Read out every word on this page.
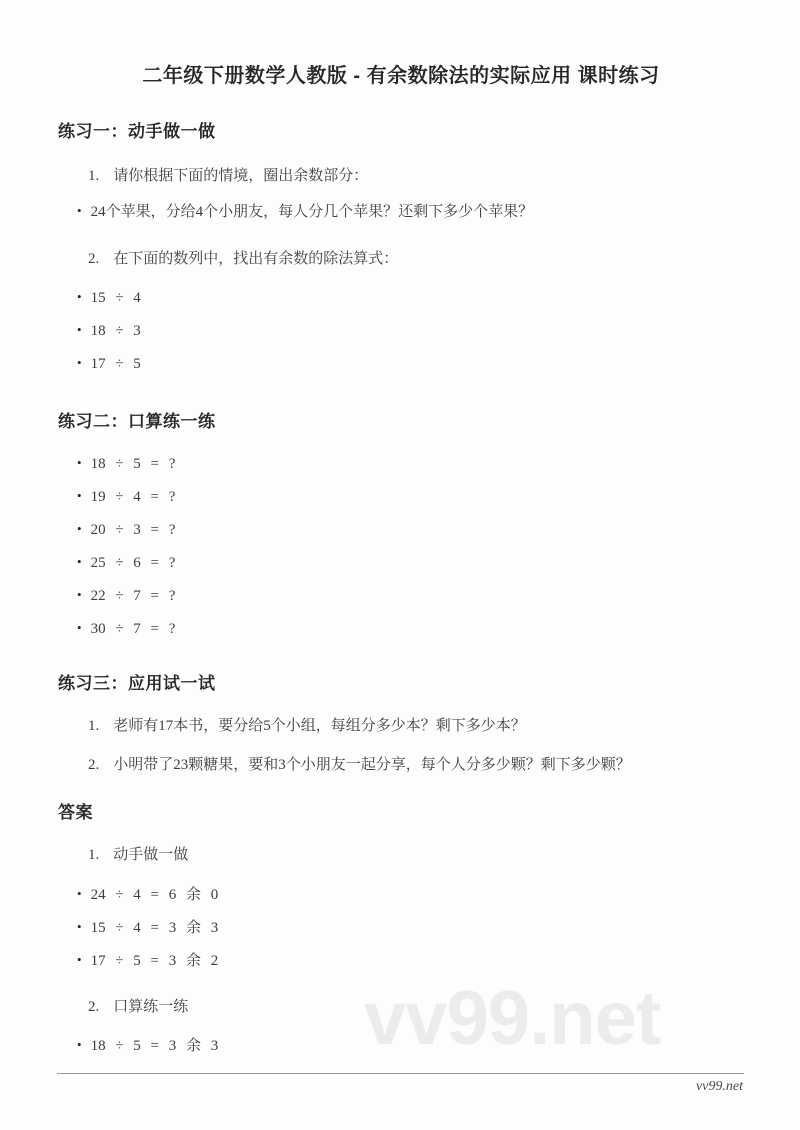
vv99.net
二年级下册数学人教版 - 有余数除法的实际应用 课时练习
练习一：动手做一做
1. 请你根据下面的情境，圈出余数部分：
• 24个苹果，分给4个小朋友，每人分几个苹果？还剩下多少个苹果？
2. 在下面的数列中，找出有余数的除法算式：
• 15 ÷ 4
• 18 ÷ 3
• 17 ÷ 5
练习二：口算练一练
• 18 ÷ 5 = ?
• 19 ÷ 4 = ?
• 20 ÷ 3 = ?
• 25 ÷ 6 = ?
• 22 ÷ 7 = ?
• 30 ÷ 7 = ?
练习三：应用试一试
1. 老师有17本书，要分给5个小组，每组分多少本？剩下多少本？
2. 小明带了23颗糖果，要和3个小朋友一起分享，每个人分多少颗？剩下多少颗？
答案
1. 动手做一做
• 24 ÷ 4 = 6 余 0
• 15 ÷ 4 = 3 余 3
• 17 ÷ 5 = 3 余 2
2. 口算练一练
• 18 ÷ 5 = 3 余 3
vv99.net
